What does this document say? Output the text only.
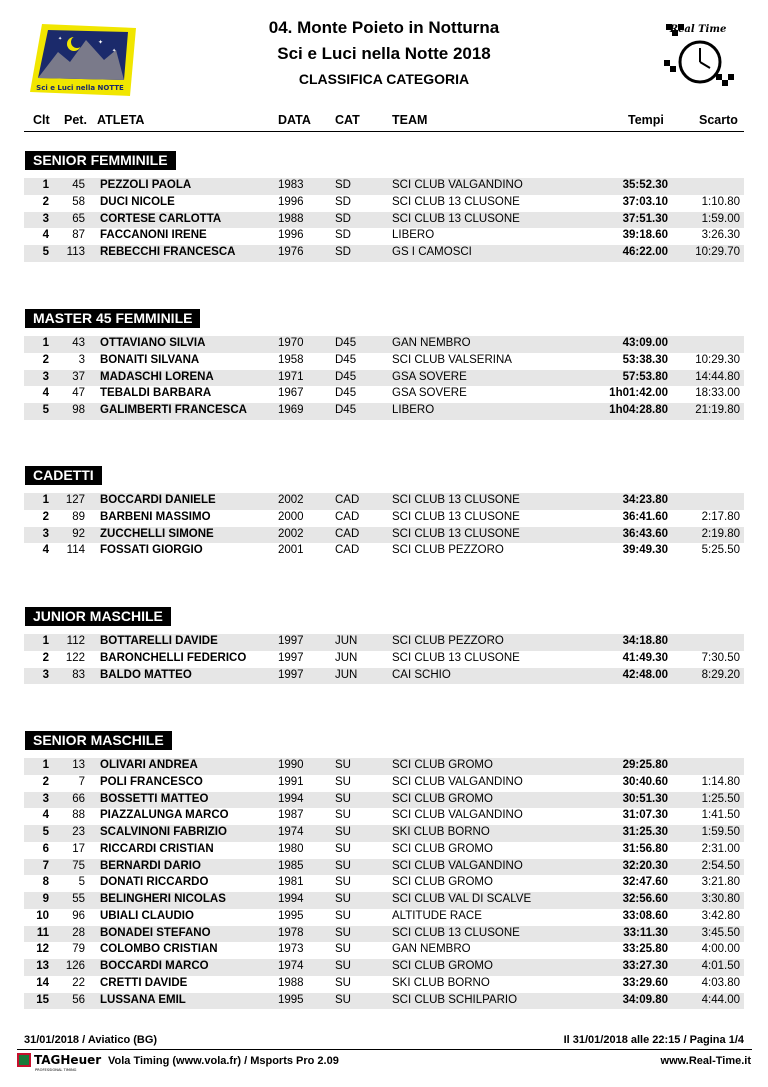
✦
✦
✦
Sci e Luci nella NOTTE
04. Monte Poieto in Notturna
Sci e Luci nella Notte 2018
CLASSIFICA CATEGORIA
Real Time
Clt Pet. ATLETA	DATA CAT	TEAM	Tempi	Scarto
SENIOR FEMMINILE
1	45 PEZZOLI PAOLA	1983	SD	SCI CLUB VALGANDINO	35:52.30
2	58 DUCI NICOLE	1996	SD	SCI CLUB 13 CLUSONE	37:03.10	1:10.80
3	65 CORTESE CARLOTTA	1988	SD	SCI CLUB 13 CLUSONE	37:51.30	1:59.00
4	87 FACCANONI IRENE	1996	SD	LIBERO	39:18.60	3:26.30
5	113 REBECCHI FRANCESCA	1976	SD	GS I CAMOSCI	46:22.00	10:29.70
MASTER 45 FEMMINILE
1	43 OTTAVIANO SILVIA	1970	D45	GAN NEMBRO	43:09.00
2	3 BONAITI SILVANA	1958	D45	SCI CLUB VALSERINA	53:38.30	10:29.30
3	37 MADASCHI LORENA	1971	D45	GSA SOVERE	57:53.80	14:44.80
4	47 TEBALDI BARBARA	1967	D45	GSA SOVERE	1h01:42.00	18:33.00
5	98 GALIMBERTI FRANCESCA	1969	D45	LIBERO	1h04:28.80	21:19.80
CADETTI
1	127 BOCCARDI DANIELE	2002	CAD	SCI CLUB 13 CLUSONE	34:23.80
2	89 BARBENI MASSIMO	2000	CAD	SCI CLUB 13 CLUSONE	36:41.60	2:17.80
3	92 ZUCCHELLI SIMONE	2002	CAD	SCI CLUB 13 CLUSONE	36:43.60	2:19.80
4	114 FOSSATI GIORGIO	2001	CAD	SCI CLUB PEZZORO	39:49.30	5:25.50
JUNIOR MASCHILE
1	112 BOTTARELLI DAVIDE	1997	JUN	SCI CLUB PEZZORO	34:18.80
2	122 BARONCHELLI FEDERICO	1997	JUN	SCI CLUB 13 CLUSONE	41:49.30	7:30.50
3	83 BALDO MATTEO	1997	JUN	CAI SCHIO	42:48.00	8:29.20
SENIOR MASCHILE
1	13 OLIVARI ANDREA	1990	SU	SCI CLUB GROMO	29:25.80
2	7 POLI FRANCESCO	1991	SU	SCI CLUB VALGANDINO	30:40.60	1:14.80
3	66 BOSSETTI MATTEO	1994	SU	SCI CLUB GROMO	30:51.30	1:25.50
4	88 PIAZZALUNGA MARCO	1987	SU	SCI CLUB VALGANDINO	31:07.30	1:41.50
5	23 SCALVINONI FABRIZIO	1974	SU	SKI CLUB BORNO	31:25.30	1:59.50
6	17 RICCARDI CRISTIAN	1980	SU	SCI CLUB GROMO	31:56.80	2:31.00
7	75 BERNARDI DARIO	1985	SU	SCI CLUB VALGANDINO	32:20.30	2:54.50
8	5 DONATI RICCARDO	1981	SU	SCI CLUB GROMO	32:47.60	3:21.80
9	55 BELINGHERI NICOLAS	1994	SU	SCI CLUB VAL DI SCALVE	32:56.60	3:30.80
10	96 UBIALI CLAUDIO	1995	SU	ALTITUDE RACE	33:08.60	3:42.80
11	28 BONADEI STEFANO	1978	SU	SCI CLUB 13 CLUSONE	33:11.30	3:45.50
12	79 COLOMBO CRISTIAN	1973	SU	GAN NEMBRO	33:25.80	4:00.00
13	126 BOCCARDI MARCO	1974	SU	SCI CLUB GROMO	33:27.30	4:01.50
14	22 CRETTI DAVIDE	1988	SU	SKI CLUB BORNO	33:29.60	4:03.80
15	56 LUSSANA EMIL	1995	SU	SCI CLUB SCHILPARIO	34:09.80	4:44.00
31/01/2018 / Aviatico (BG)	Il 31/01/2018 alle 22:15 / Pagina 1/4
TAGHeuer
PROFESSIONAL TIMING
Vola Timing (www.vola.fr) / Msports Pro 2.09	www.Real-Time.it
